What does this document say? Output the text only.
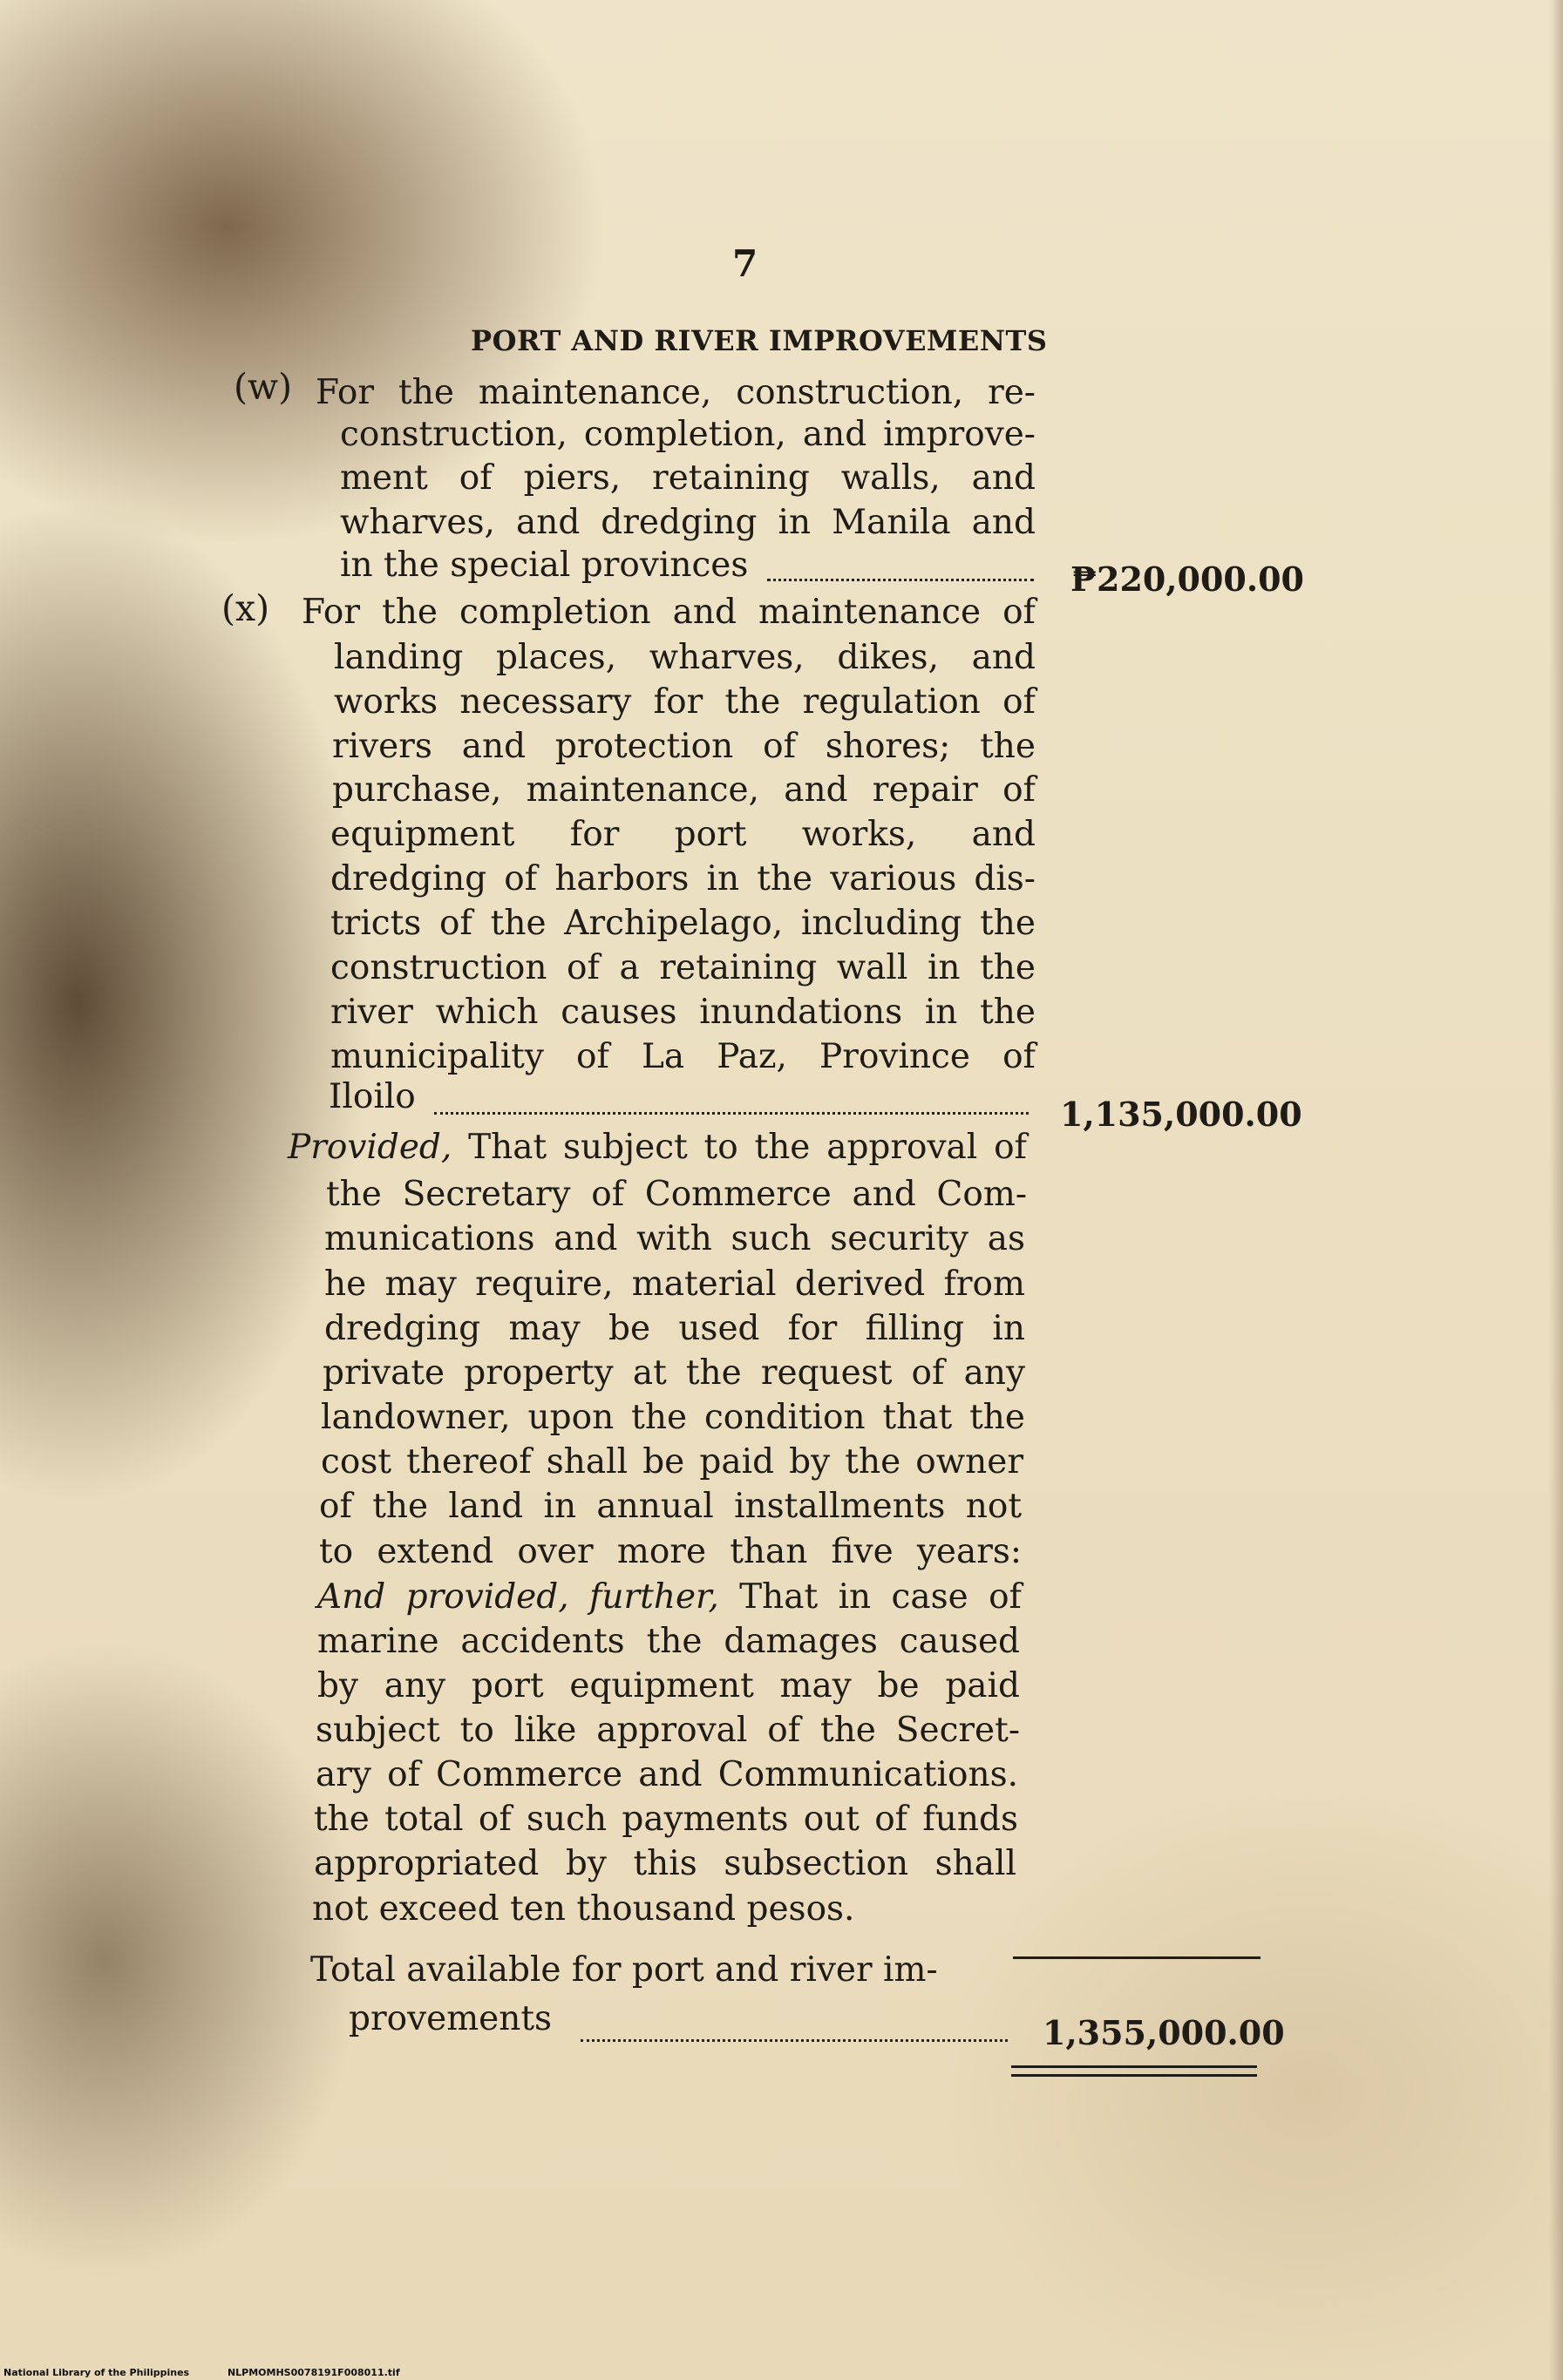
7
PORT AND RIVER IMPROVEMENTS
(w) For the maintenance, construction, re-
construction, completion, and improve-
ment of piers, retaining walls, and
wharves, and dredging in Manila and
in the special provinces	₱220,000.00
(x) For the completion and maintenance of
landing places, wharves, dikes, and
works necessary for the regulation of
rivers and protection of shores; the
purchase, maintenance, and repair of
equipment for port works, and
dredging of harbors in the various dis-
tricts of the Archipelago, including the
construction of a retaining wall in the
river which causes inundations in the
municipality of La Paz, Province of
Iloilo	1,135,000.00
Provided, That subject to the approval of
the Secretary of Commerce and Com-
munications and with such security as
he may require, material derived from
dredging may be used for filling in
private property at the request of any
landowner, upon the condition that the
cost thereof shall be paid by the owner
of the land in annual installments not
to extend over more than five years:
And provided, further, That in case of
marine accidents the damages caused
by any port equipment may be paid
subject to like approval of the Secret-
ary of Commerce and Communications.
the total of such payments out of funds
appropriated by this subsection shall
not exceed ten thousand pesos.
Total available for port and river im-
provements	1,355,000.00
National Library of the Philippines	NLPMOMHS0078191F008011.tif
